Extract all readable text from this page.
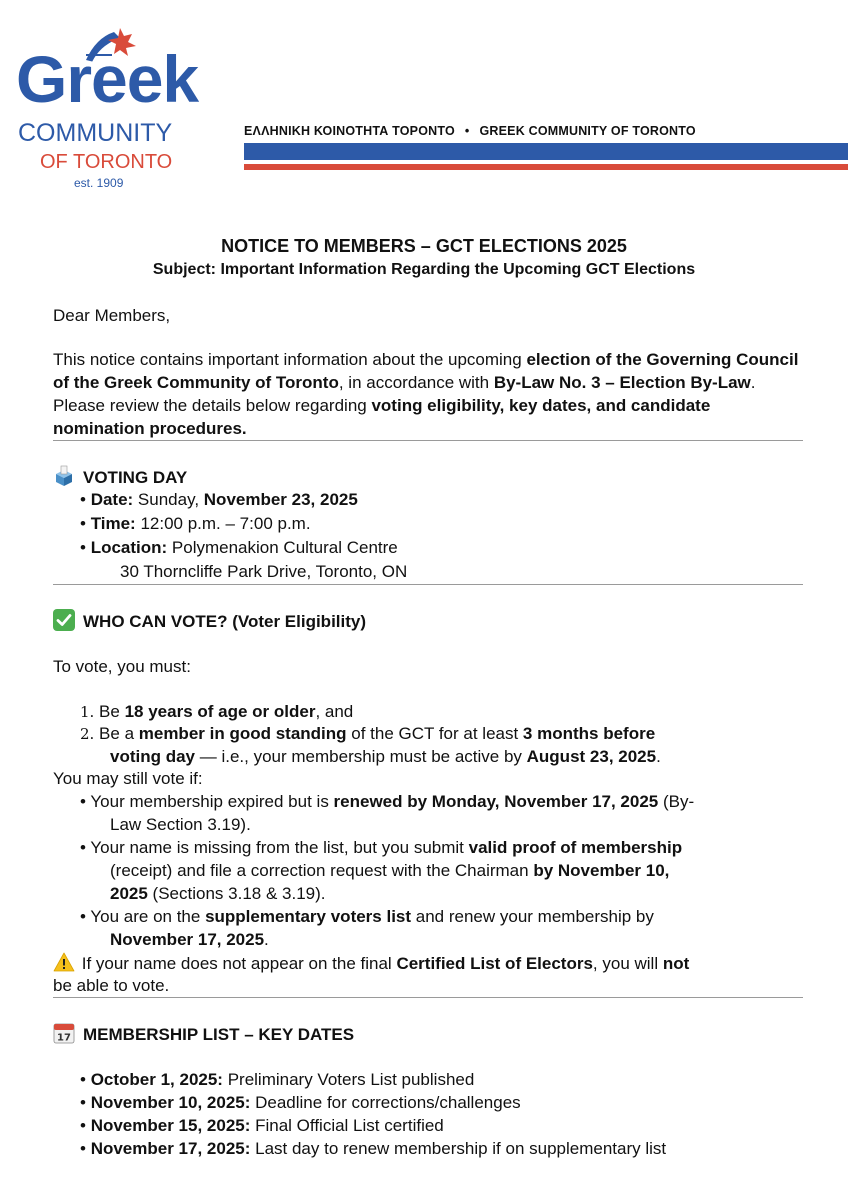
Greek
COMMUNITY
OF TORONTO
est. 1909
ΕΛΛΗΝΙΚΗ ΚΟΙΝΟΤΗΤΑ ΤΟΡΟΝΤΟ • GREEK COMMUNITY OF TORONTO
NOTICE TO MEMBERS – GCT ELECTIONS 2025
Subject: Important Information Regarding the Upcoming GCT Elections
Dear Members,
This notice contains important information about the upcoming election of the Governing Council of the Greek Community of Toronto, in accordance with By-Law No. 3 – Election By-Law. Please review the details below regarding voting eligibility, key dates, and candidate nomination procedures.
VOTING DAY
• Date: Sunday, November 23, 2025
• Time: 12:00 p.m. – 7:00 p.m.
• Location: Polymenakion Cultural Centre
30 Thorncliffe Park Drive, Toronto, ON
WHO CAN VOTE? (Voter Eligibility)
To vote, you must:
1. Be 18 years of age or older, and
2. Be a member in good standing of the GCT for at least 3 months before
voting day — i.e., your membership must be active by August 23, 2025.
You may still vote if:
• Your membership expired but is renewed by Monday, November 17, 2025 (By-
Law Section 3.19).
• Your name is missing from the list, but you submit valid proof of membership
(receipt) and file a correction request with the Chairman by November 10,
2025 (Sections 3.18 & 3.19).
• You are on the supplementary voters list and renew your membership by
November 17, 2025.
If your name does not appear on the final Certified List of Electors, you will not
be able to vote.
17 MEMBERSHIP LIST – KEY DATES
• October 1, 2025: Preliminary Voters List published
• November 10, 2025: Deadline for corrections/challenges
• November 15, 2025: Final Official List certified
• November 17, 2025: Last day to renew membership if on supplementary list
